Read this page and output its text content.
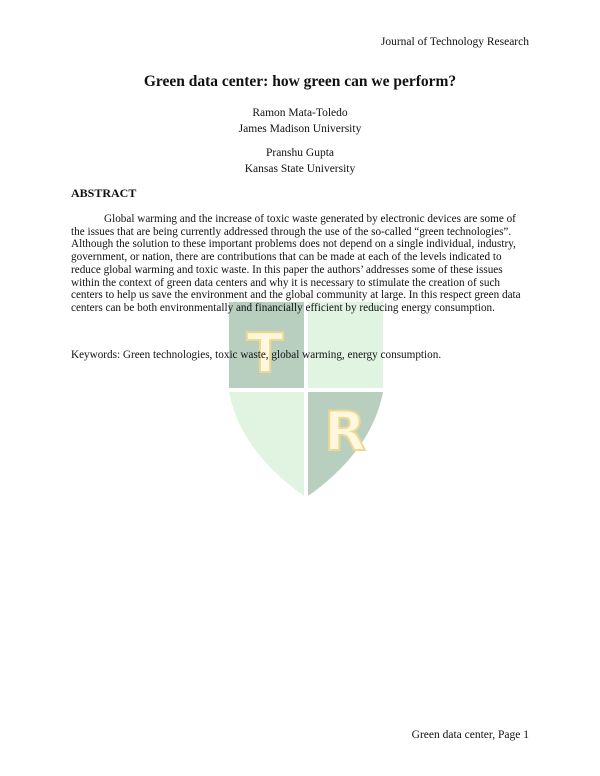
Journal of Technology Research
T
R
Green data center: how green can we perform?
Ramon Mata-Toledo
James Madison University
Pranshu Gupta
Kansas State University
ABSTRACT

Global warming and the increase of toxic waste generated by electronic devices are some of the issues that are being currently addressed through the use of the so-called “green technologies”. Although the solution to these important problems does not depend on a single individual, industry, government, or nation, there are contributions that can be made at each of the levels indicated to reduce global warming and toxic waste. In this paper the authors’ addresses some of these issues within the context of green data centers and why it is necessary to stimulate the creation of such centers to help us save the environment and the global community at large. In this respect green data centers can be both environmentally and financially efficient by reducing energy consumption.

Keywords: Green technologies, toxic waste, global warming, energy consumption.

Green data center, Page 1
